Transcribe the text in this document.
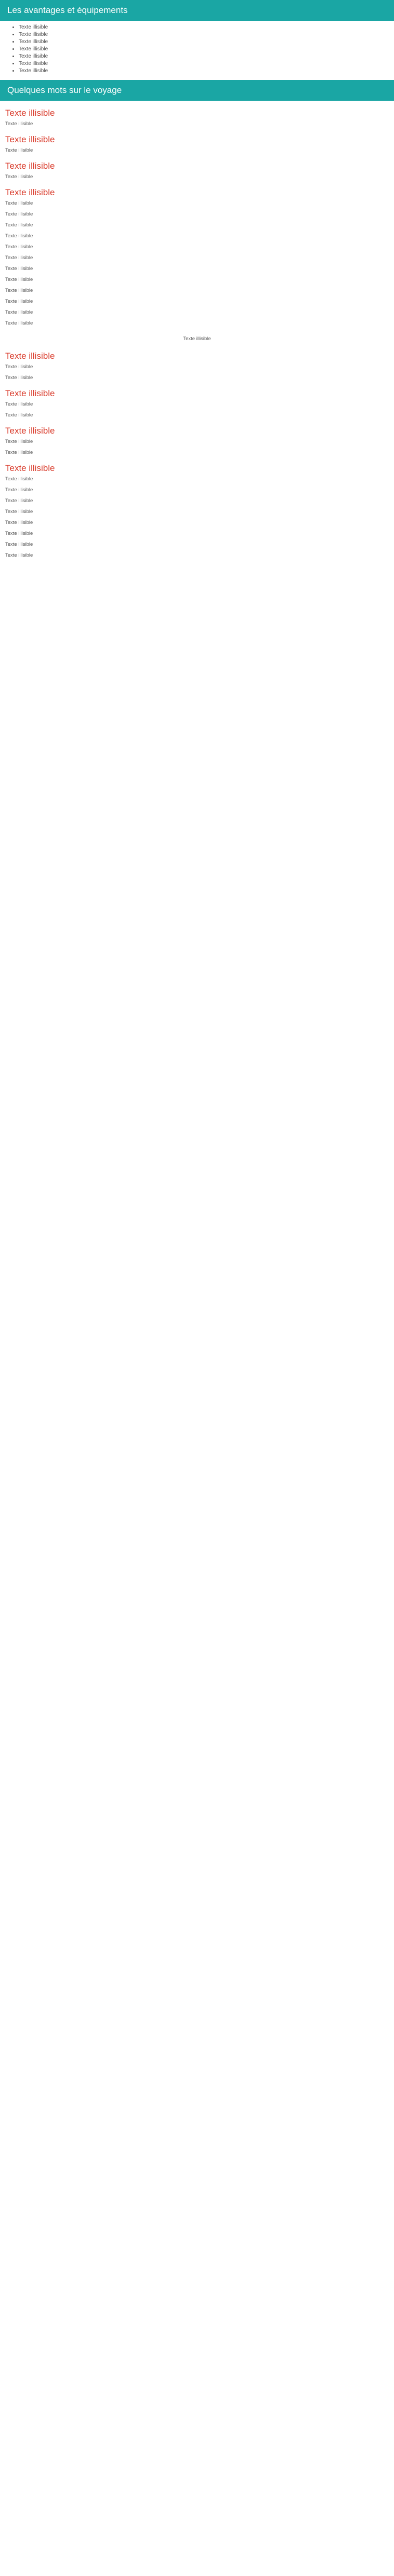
Les avantages et équipements
• Texte illisible
• Texte illisible
• Texte illisible
• Texte illisible
• Texte illisible
• Texte illisible
• Texte illisible
Quelques mots sur le voyage
Texte illisible

Texte illisible

Texte illisible

Texte illisible

Texte illisible

Texte illisible

Texte illisible

Texte illisible

Texte illisible

Texte illisible

Texte illisible

Texte illisible

Texte illisible

Texte illisible

Texte illisible

Texte illisible

Texte illisible

Texte illisible

Texte illisible

Texte illisible
Texte illisible

Texte illisible

Texte illisible

Texte illisible

Texte illisible

Texte illisible

Texte illisible

Texte illisible

Texte illisible

Texte illisible

Texte illisible

Texte illisible

Texte illisible

Texte illisible

Texte illisible

Texte illisible

Texte illisible

Texte illisible
